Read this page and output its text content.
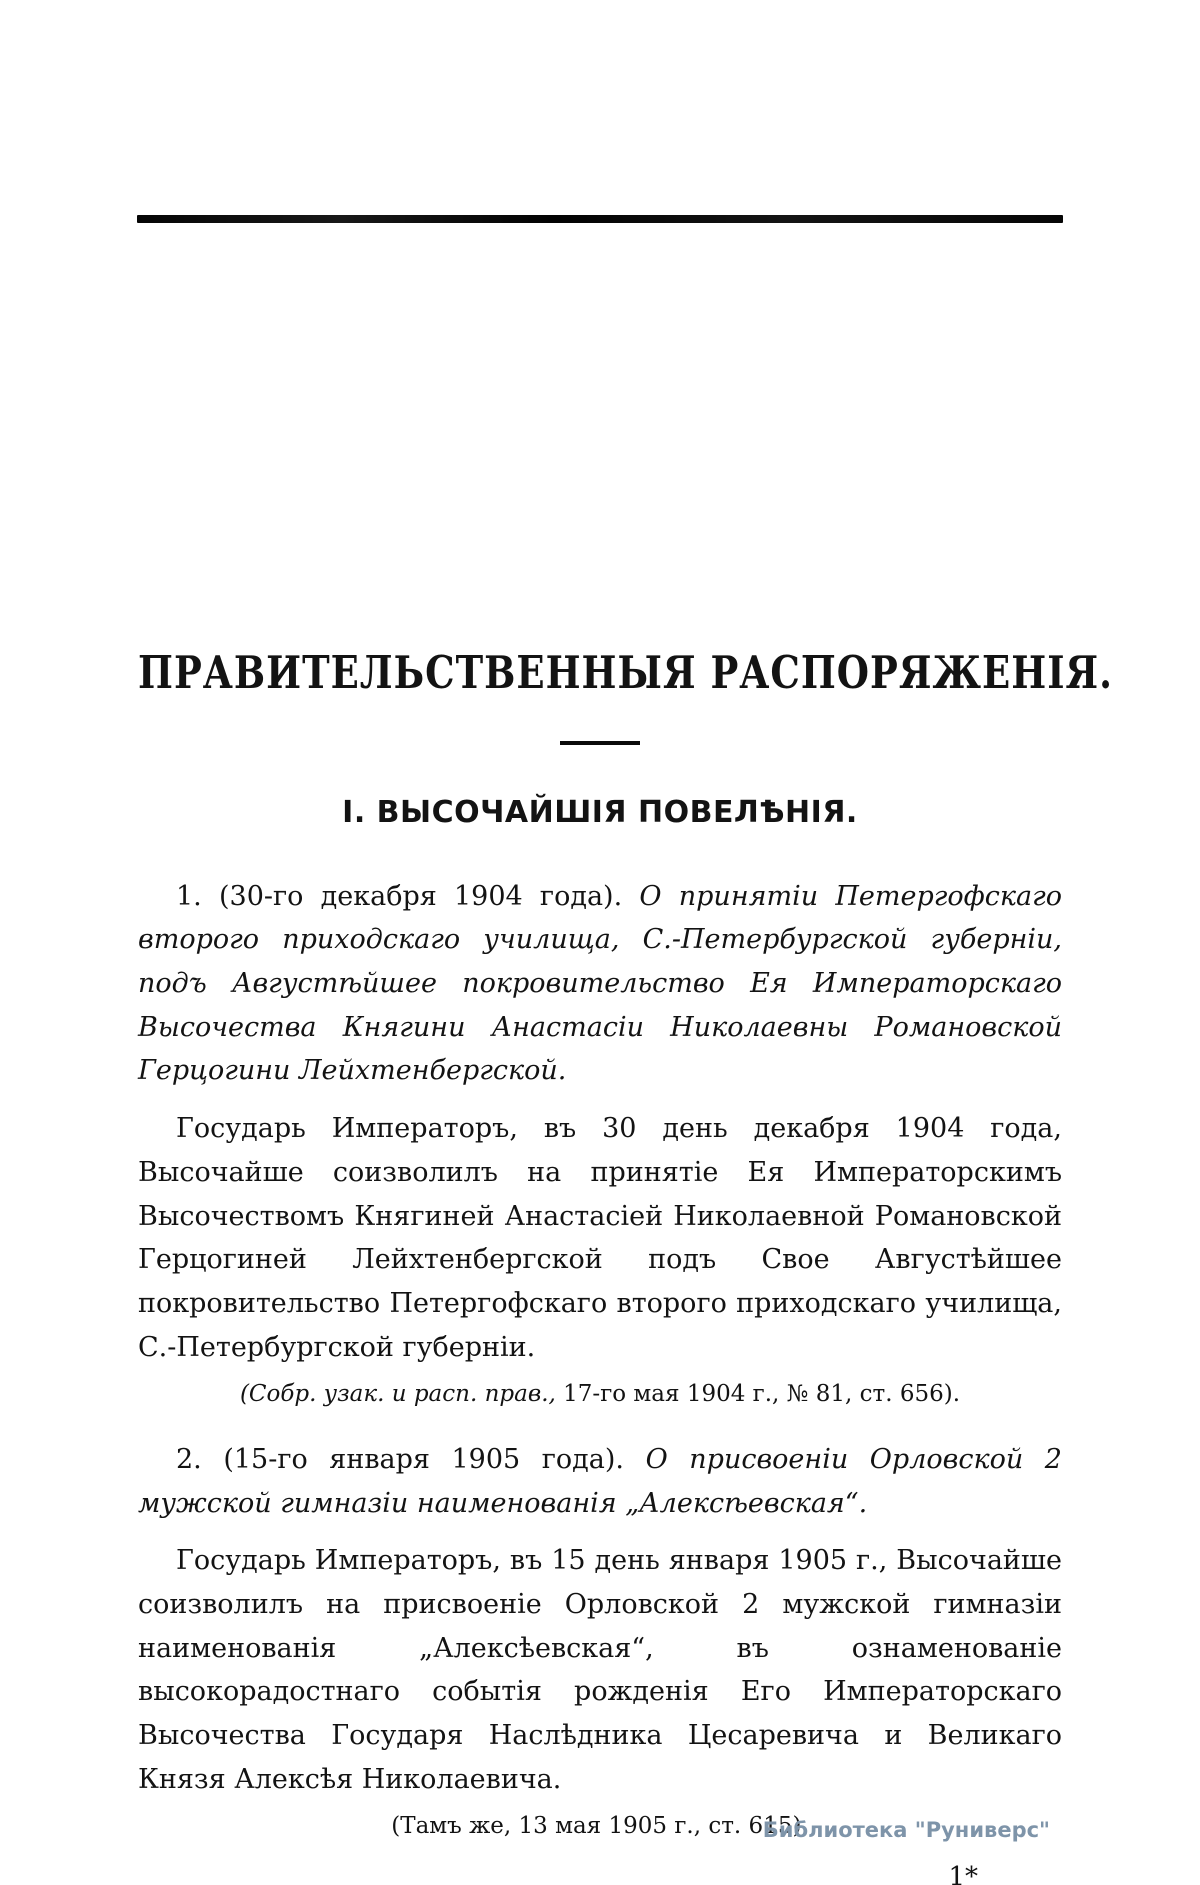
ПРАВИТЕЛЬСТВЕННЫЯ РАСПОРЯЖЕНІЯ.
І. ВЫСОЧАЙШІЯ ПОВЕЛѢНІЯ.

1. (30-го декабря 1904 года). О принятіи Петергофскаго второго приходскаго училища, С.-Петербургской губерніи, подъ Августѣйшее покровительство Ея Императорскаго Высочества Княгини Анастасіи Николаевны Романовской Герцогини Лейхтенбергской.

Государь Императоръ, въ 30 день декабря 1904 года, Высочайше соизволилъ на принятіе Ея Императорскимъ Высочествомъ Княгиней Анастасіей Николаевной Романовской Герцогиней Лейхтенбергской подъ Свое Августѣйшее покровительство Петергофскаго второго приходскаго училища, С.-Петербургской губерніи.

(Собр. узак. и расп. прав., 17-го мая 1904 г., № 81, ст. 656).

2. (15-го января 1905 года). О присвоеніи Орловской 2 мужской гимназіи наименованія „Алексѣевская“.

Государь Императоръ, въ 15 день января 1905 г., Высочайше соизволилъ на присвоеніе Орловской 2 мужской гимназіи наименованія „Алексѣевская“, въ ознаменованіе высокорадостнаго событія рожденія Его Императорскаго Высочества Государя Наслѣдника Цесаревича и Великаго Князя Алексѣя Николаевича.

(Тамъ же, 13 мая 1905 г., ст. 615).

1*

Библиотека "Руниверс"
